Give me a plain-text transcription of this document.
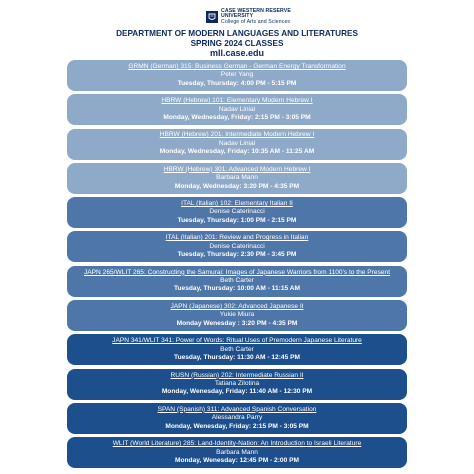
CASE WESTERN RESERVE
UNIVERSITY
College of Arts and Sciences
DEPARTMENT OF MODERN LANGUAGES AND LITERATURES
SPRING 2024 CLASSES
mll.case.edu
GRMN (German) 315: Business German - German Energy Transformation
Peter Yang
Tuesday, Thursday: 4:00 PM - 5:15 PM
HBRW (Hebrew) 101: Elementary Modern Hebrew I
Nadav Linial
Monday, Wednesday, Friday: 2:15 PM - 3:05 PM
HBRW (Hebrew) 201: Intermediate Modern Hebrew I
Nadav Linial
Monday, Wednesday, Friday: 10:35 AM - 11:25 AM
HBRW (Hebrew) 301: Advanced Modern Hebrew I
Barbara Mann
Monday, Wednesday: 3:20 PM - 4:35 PM
ITAL (Italian) 102: Elementary Italian II
Denise Caterinacci
Tuesday, Thursday: 1:00 PM - 2:15 PM
ITAL (Italian) 201: Review and Progress in Italian
Denise Caterinacci
Tuesday, Thursday: 2:30 PM - 3:45 PM
JAPN 265/WLIT 265: Constructing the Samurai: Images of Japanese Warriors from 1100's to the Present
Beth Carter
Tuesday, Thursday: 10:00 AM - 11:15 AM
JAPN (Japanese) 302: Advanced Japanese II
Yukie Miura
Monday Wenesday : 3:20 PM - 4:35 PM
JAPN 341/WLIT 341: Power of Words: Ritual Uses of Premodern Japanese Literature
Beth Carter
Tuesday, Thursday: 11:30 AM - 12:45 PM
RUSN (Russian) 202: Intermediate Russian II
Tatiana Zilotina
Monday, Wenesday, Friday: 11:40 AM - 12:30 PM
SPAN (Spanish) 311: Advanced Spanish Conversation
Alessandra Parry
Monday, Wenesday, Friday: 2:15 PM - 3:05 PM
WLIT (World Literature) 285: Land-Identity-Nation: An Introduction to Israeli Literature
Barbara Mann
Monday, Wenesday: 12:45 PM - 2:00 PM
